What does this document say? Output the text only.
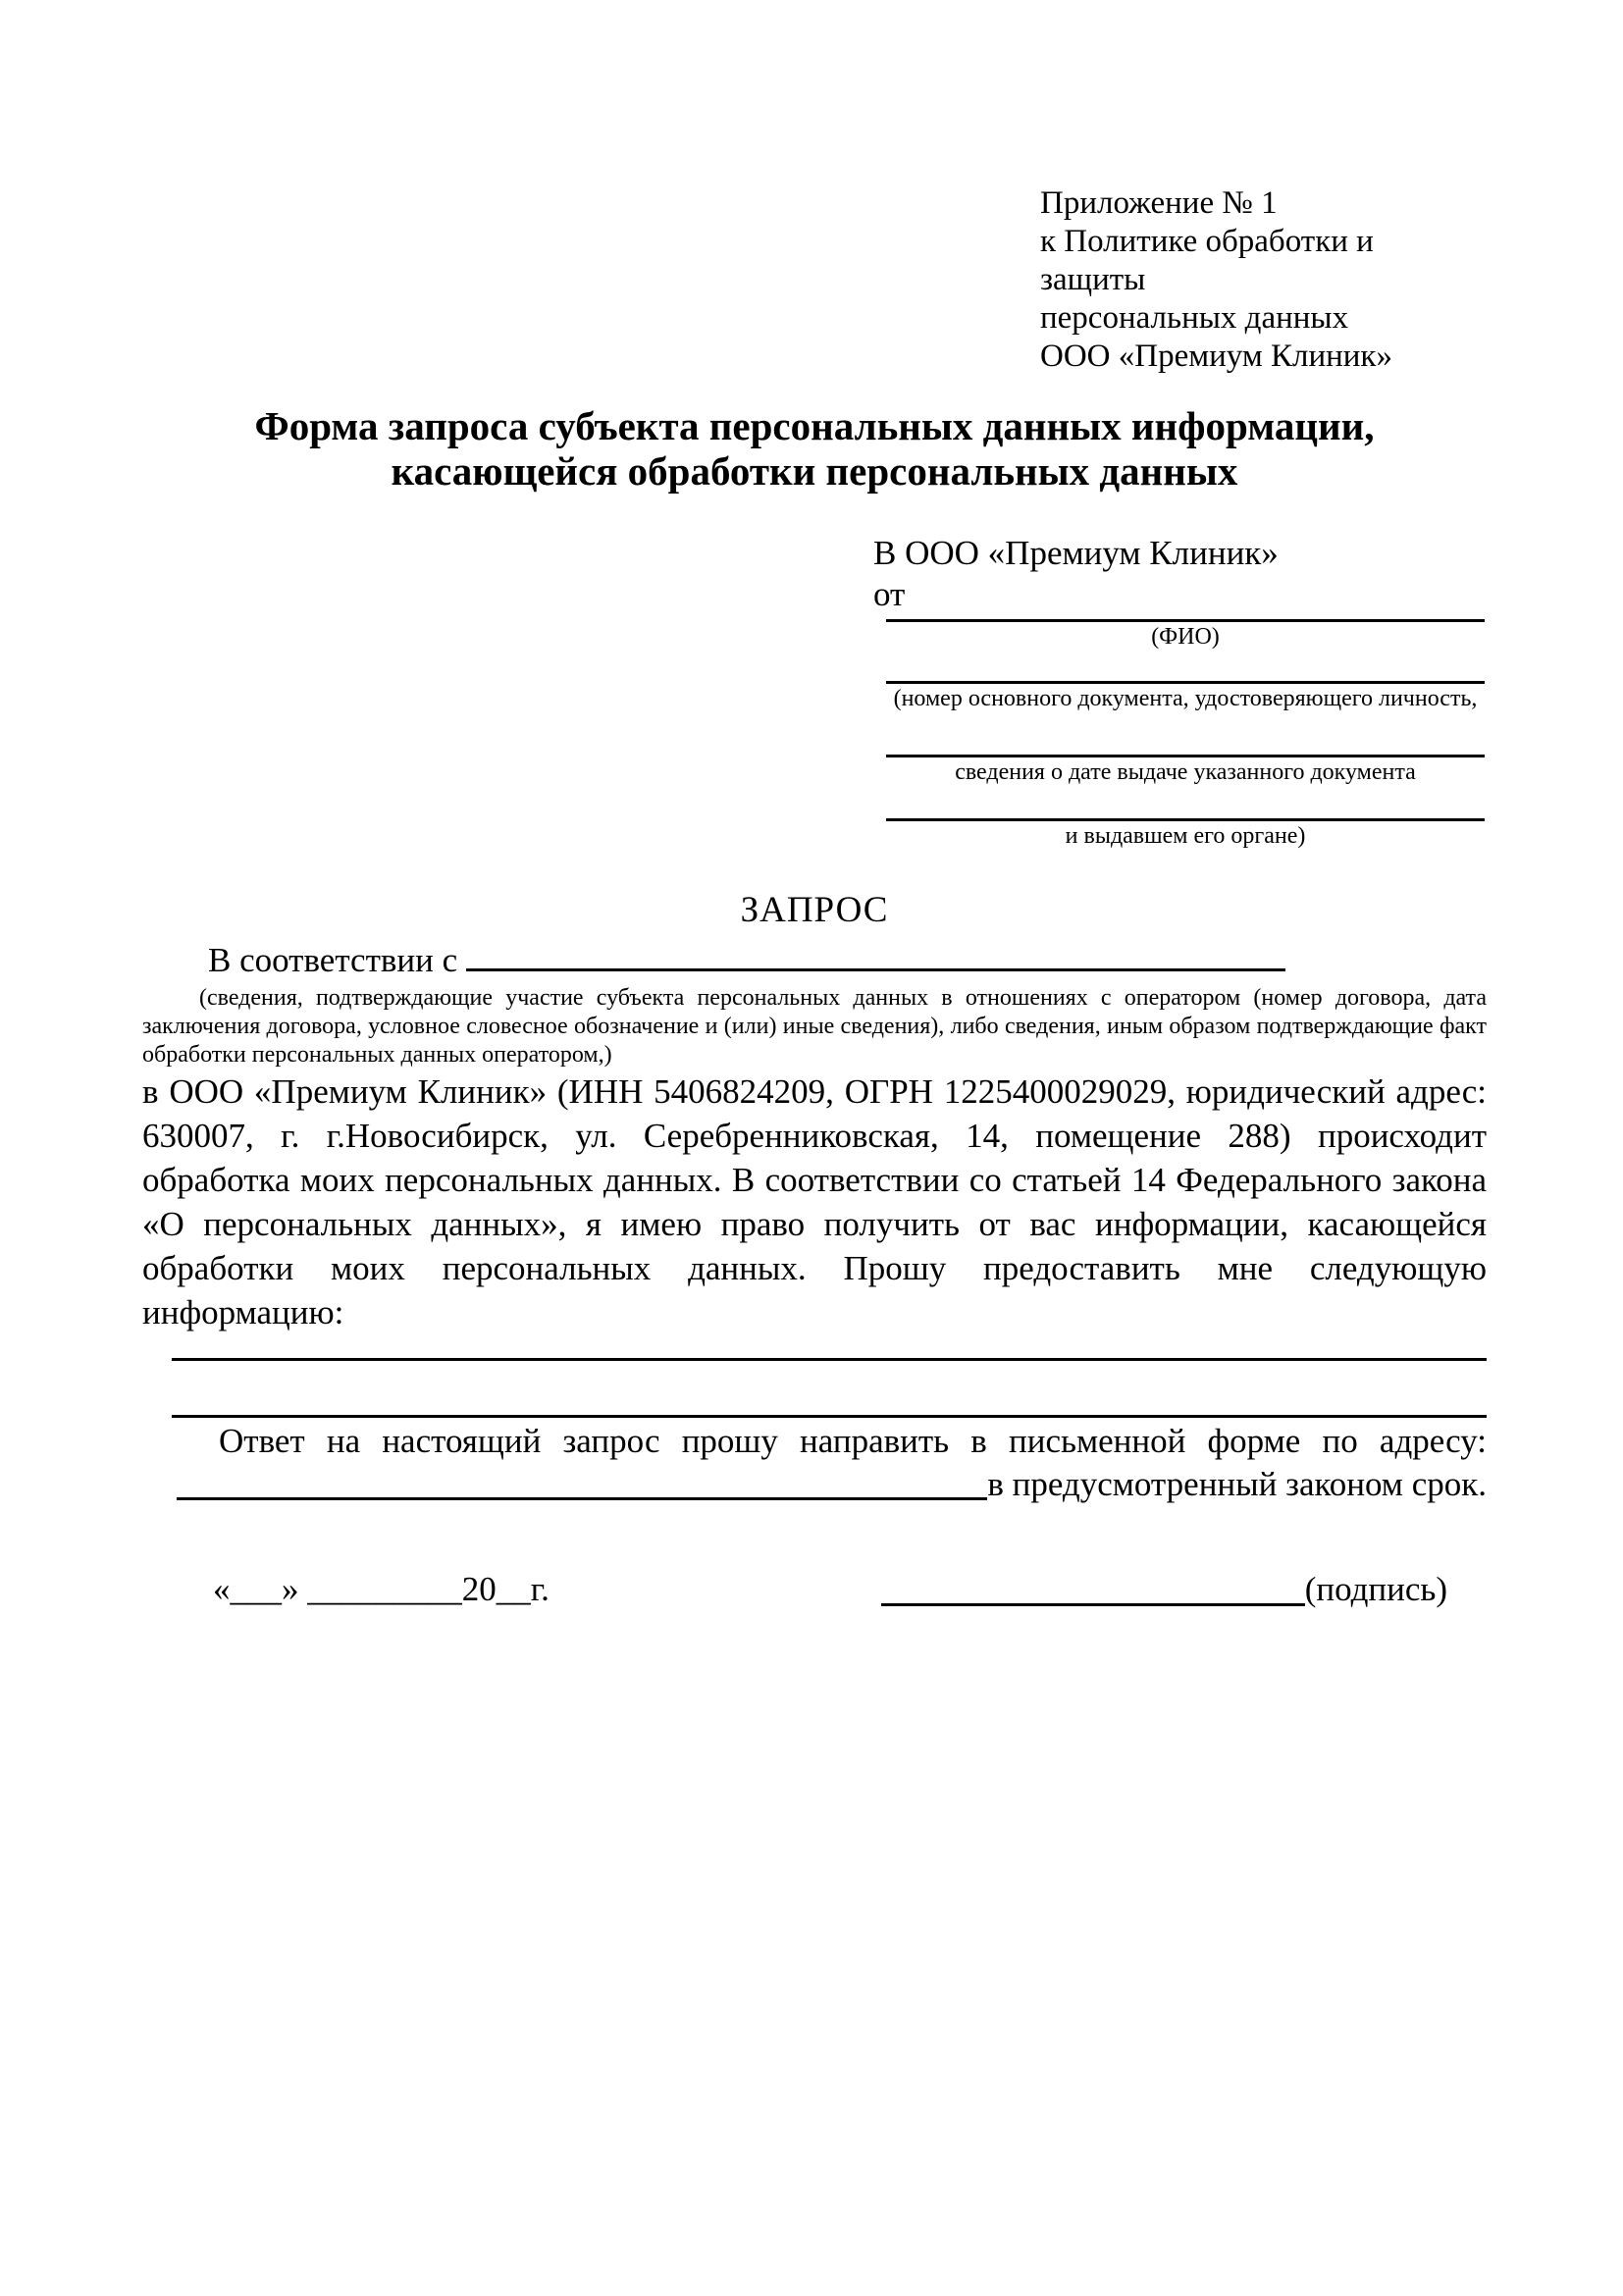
Приложение № 1
к Политике обработки и защиты
персональных данных
ООО «Премиум Клиник»
Форма запроса субъекта персональных данных информации,
касающейся обработки персональных данных
В ООО «Премиум Клиник»
от
(ФИО)
(номер основного документа, удостоверяющего личность,
сведения о дате выдаче указанного документа
и выдавшем его органе)
ЗАПРОС
В соответствии с

(сведения, подтверждающие участие субъекта персональных данных в отношениях с оператором (номер договора, дата заключения договора, условное словесное обозначение и (или) иные сведения), либо сведения, иным образом подтверждающие факт обработки персональных данных оператором,)

в ООО «Премиум Клиник» (ИНН 5406824209, ОГРН 1225400029029, юридический адрес: 630007, г. г.Новосибирск, ул. Серебренниковская, 14, помещение 288) происходит обработка моих персональных данных. В соответствии со статьей 14 Федерального закона «О персональных данных», я имею право получить от вас информации, касающейся обработки моих персональных данных. Прошу предоставить мне следующую информацию:

Ответ на настоящий запрос прошу направить в письменной форме по адресу:

в предусмотренный законом срок.
«___» _________20__г.	(подпись)
